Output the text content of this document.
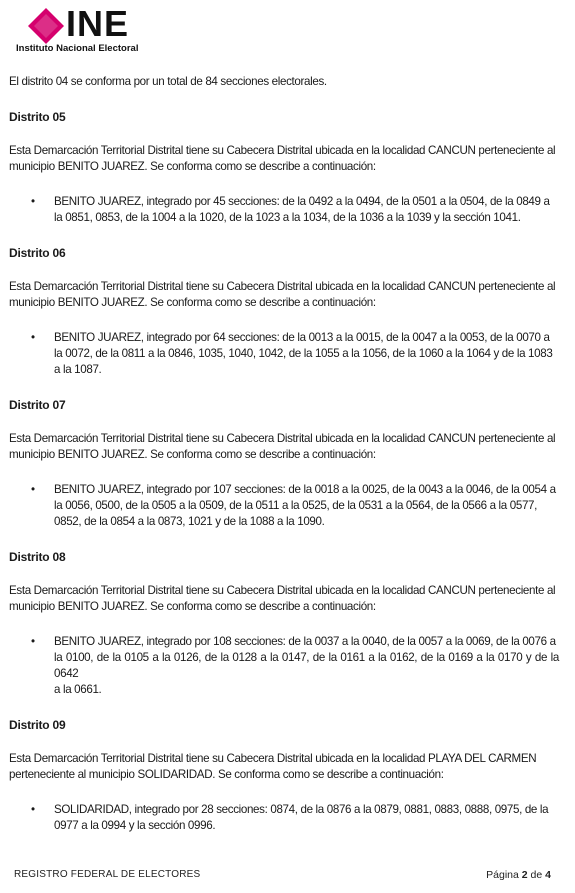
INE
Instituto Nacional Electoral

El distrito 04 se conforma por un total de 84 secciones electorales.

Distrito 05

Esta Demarcación Territorial Distrital tiene su Cabecera Distrital ubicada en la localidad CANCUN perteneciente al
municipio BENITO JUAREZ. Se conforma como se describe a continuación:

• BENITO JUAREZ, integrado por 45 secciones: de la 0492 a la 0494, de la 0501 a la 0504, de la 0849 a
la 0851, 0853, de la 1004 a la 1020, de la 1023 a la 1034, de la 1036 a la 1039 y la sección 1041.

Distrito 06

Esta Demarcación Territorial Distrital tiene su Cabecera Distrital ubicada en la localidad CANCUN perteneciente al
municipio BENITO JUAREZ. Se conforma como se describe a continuación:

• BENITO JUAREZ, integrado por 64 secciones: de la 0013 a la 0015, de la 0047 a la 0053, de la 0070 a
la 0072, de la 0811 a la 0846, 1035, 1040, 1042, de la 1055 a la 1056, de la 1060 a la 1064 y de la 1083
a la 1087.

Distrito 07

Esta Demarcación Territorial Distrital tiene su Cabecera Distrital ubicada en la localidad CANCUN perteneciente al
municipio BENITO JUAREZ. Se conforma como se describe a continuación:

• BENITO JUAREZ, integrado por 107 secciones: de la 0018 a la 0025, de la 0043 a la 0046, de la 0054 a
la 0056, 0500, de la 0505 a la 0509, de la 0511 a la 0525, de la 0531 a la 0564, de la 0566 a la 0577,
0852, de la 0854 a la 0873, 1021 y de la 1088 a la 1090.

Distrito 08

Esta Demarcación Territorial Distrital tiene su Cabecera Distrital ubicada en la localidad CANCUN perteneciente al
municipio BENITO JUAREZ. Se conforma como se describe a continuación:

• BENITO JUAREZ, integrado por 108 secciones: de la 0037 a la 0040, de la 0057 a la 0069, de la 0076 a
la 0100, de la 0105 a la 0126, de la 0128 a la 0147, de la 0161 a la 0162, de la 0169 a la 0170 y de la 0642
a la 0661.

Distrito 09

Esta Demarcación Territorial Distrital tiene su Cabecera Distrital ubicada en la localidad PLAYA DEL CARMEN
perteneciente al municipio SOLIDARIDAD. Se conforma como se describe a continuación:

• SOLIDARIDAD, integrado por 28 secciones: 0874, de la 0876 a la 0879, 0881, 0883, 0888, 0975, de la
0977 a la 0994 y la sección 0996.
REGISTRO FEDERAL DE ELECTORES	Página 2 de 4
